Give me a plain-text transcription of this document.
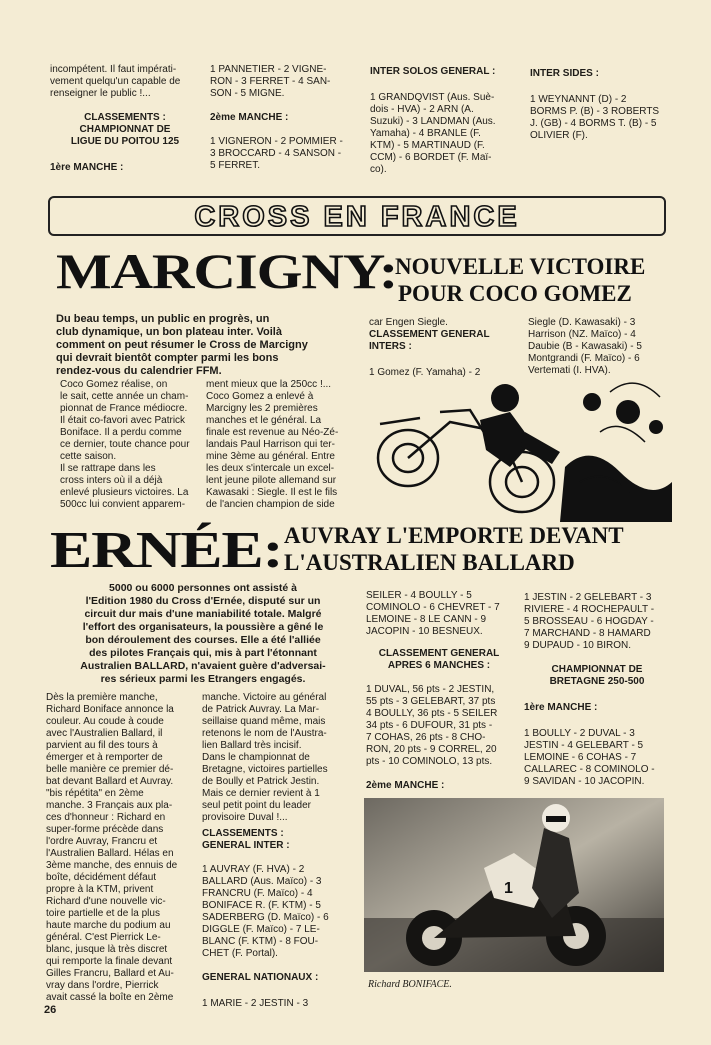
incompétent. Il faut impérati-
vement quelqu'un capable de
renseigner le public !...

CLASSEMENTS :
CHAMPIONNAT DE
LIGUE DU POITOU 125

1ère MANCHE :

1 PANNETIER - 2 VIGNE-
RON - 3 FERRET - 4 SAN-
SON - 5 MIGNE.

2ème MANCHE :

1 VIGNERON - 2 POMMIER -
3 BROCCARD - 4 SANSON -
5 FERRET.

INTER SOLOS GENERAL :

1 GRANDQVIST (Aus. Suè-
dois - HVA) - 2 ARN (A.
Suzuki) - 3 LANDMAN (Aus.
Yamaha) - 4 BRANLE (F.
KTM) - 5 MARTINAUD (F.
CCM) - 6 BORDET (F. Maï-
co).

INTER SIDES :

1 WEYNANNT (D) - 2
BORMS P. (B) - 3 ROBERTS
J. (GB) - 4 BORMS T. (B) - 5
OLIVIER (F).

CROSS EN FRANCE
MARCIGNY:
NOUVELLE VICTOIRE
POUR COCO GOMEZ
Du beau temps, un public en progrès, un
club dynamique, un bon plateau inter. Voilà
comment on peut résumer le Cross de Marcigny
qui devrait bientôt compter parmi les bons
rendez-vous du calendrier FFM.
Coco Gomez réalise, on
le sait, cette année un cham-
pionnat de France médiocre.
Il était co-favori avec Patrick
Boniface. Il a perdu comme
ce dernier, toute chance pour
cette saison.
Il se rattrape dans les
cross inters où il a déjà
enlevé plusieurs victoires. La
500cc lui convient apparem-
ment mieux que la 250cc !...
Coco Gomez a enlevé à
Marcigny les 2 premières
manches et le général. La
finale est revenue au Néo-Zé-
landais Paul Harrison qui ter-
mine 3ème au général. Entre
les deux s'intercale un excel-
lent jeune pilote allemand sur
Kawasaki : Siegle. Il est le fils
de l'ancien champion de side

car Engen Siegle.

CLASSEMENT GENERAL
INTERS :

1 Gomez (F. Yamaha) - 2

Siegle (D. Kawasaki) - 3
Harrison (NZ. Maïco) - 4
Daubie (B - Kawasaki) - 5
Montgrandi (F. Maïco) - 6
Vertemati (I. HVA).
ERNÉE: AUVRAY L'EMPORTE DEVANT
L'AUSTRALIEN BALLARD
5000 ou 6000 personnes ont assisté à
l'Edition 1980 du Cross d'Ernée, disputé sur un
circuit dur mais d'une maniabilité totale. Malgré
l'effort des organisateurs, la poussière a gêné le
bon déroulement des courses. Elle a été l'alliée
des pilotes Français qui, mis à part l'étonnant
Australien BALLARD, n'avaient guère d'adversai-
res sérieux parmi les Etrangers engagés.
Dès la première manche,
Richard Boniface annonce la
couleur. Au coude à coude
avec l'Australien Ballard, il
parvient au fil des tours à
émerger et à remporter de
belle manière ce premier dé-
bat devant Ballard et Auvray.
"bis répétita" en 2ème
manche. 3 Français aux pla-
ces d'honneur : Richard en
super-forme précède dans
l'ordre Auvray, Francru et
l'Australien Ballard. Hélas en
3ème manche, des ennuis de
boîte, décidément défaut
propre à la KTM, privent
Richard d'une nouvelle vic-
toire partielle et de la plus
haute marche du podium au
général. C'est Pierrick Le-
blanc, jusque là très discret
qui remporte la finale devant
Gilles Francru, Ballard et Au-
vray dans l'ordre, Pierrick
avait cassé la boîte en 2ème

manche. Victoire au général
de Patrick Auvray. La Mar-
seillaise quand même, mais
retenons le nom de l'Austra-
lien Ballard très incisif.
Dans le championnat de
Bretagne, victoires partielles
de Boully et Patrick Jestin.
Mais ce dernier revient à 1
seul petit point du leader
provisoire Duval !...

CLASSEMENTS :
GENERAL INTER :

1 AUVRAY (F. HVA) - 2
BALLARD (Aus. Maïco) - 3
FRANCRU (F. Maïco) - 4
BONIFACE R. (F. KTM) - 5
SADERBERG (D. Maïco) - 6
DIGGLE (F. Maïco) - 7 LE-
BLANC (F. KTM) - 8 FOU-
CHET (F. Portal).

GENERAL NATIONAUX :

1 MARIE - 2 JESTIN - 3

SEILER - 4 BOULLY - 5
COMINOLO - 6 CHEVRET - 7
LEMOINE - 8 LE CANN - 9
JACOPIN - 10 BESNEUX.

CLASSEMENT GENERAL
APRES 6 MANCHES :

1 DUVAL, 56 pts - 2 JESTIN,
55 pts - 3 GELEBART, 37 pts
4 BOULLY, 36 pts - 5 SEILER
34 pts - 6 DUFOUR, 31 pts -
7 COHAS, 26 pts - 8 CHO-
RON, 20 pts - 9 CORREL, 20
pts - 10 COMINOLO, 13 pts.

2ème MANCHE :

1 JESTIN - 2 GELEBART - 3
RIVIERE - 4 ROCHEPAULT -
5 BROSSEAU - 6 HOGDAY -
7 MARCHAND - 8 HAMARD
9 DUPAUD - 10 BIRON.

CHAMPIONNAT DE
BRETAGNE 250-500

1ère MANCHE :

1 BOULLY - 2 DUVAL - 3
JESTIN - 4 GELEBART - 5
LEMOINE - 6 COHAS - 7
CALLAREC - 8 COMINOLO -
9 SAVIDAN - 10 JACOPIN.

1
Richard BONIFACE.
26
